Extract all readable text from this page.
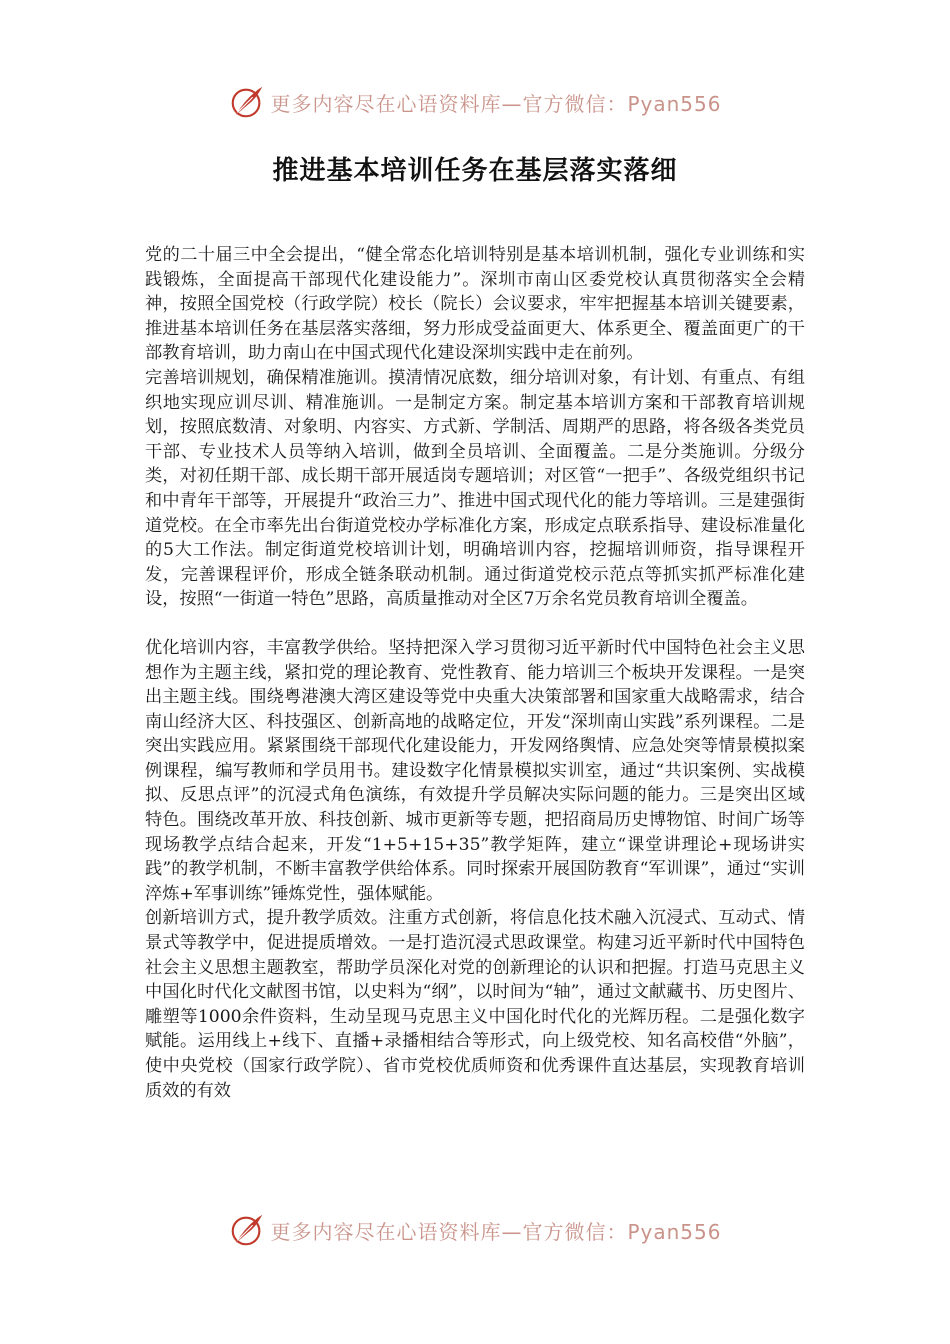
更多内容尽在心语资料库—官方微信：Pyan556
推进基本培训任务在基层落实落细

党的二十届三中全会提出，“健全常态化培训特别是基本培训机制，强化专业训练和实践锻炼，全面提高干部现代化建设能力”。深圳市南山区委党校认真贯彻落实全会精神，按照全国党校（行政学院）校长（院长）会议要求，牢牢把握基本培训关键要素，推进基本培训任务在基层落实落细，努力形成受益面更大、体系更全、覆盖面更广的干部教育培训，助力南山在中国式现代化建设深圳实践中走在前列。

完善培训规划，确保精准施训。摸清情况底数，细分培训对象，有计划、有重点、有组织地实现应训尽训、精准施训。一是制定方案。制定基本培训方案和干部教育培训规划，按照底数清、对象明、内容实、方式新、学制活、周期严的思路，将各级各类党员干部、专业技术人员等纳入培训，做到全员培训、全面覆盖。二是分类施训。分级分类，对初任期干部、成长期干部开展适岗专题培训；对区管“一把手”、各级党组织书记和中青年干部等，开展提升“政治三力”、推进中国式现代化的能力等培训。三是建强街道党校。在全市率先出台街道党校办学标准化方案，形成定点联系指导、建设标准量化的5大工作法。制定街道党校培训计划，明确培训内容，挖掘培训师资，指导课程开发，完善课程评价，形成全链条联动机制。通过街道党校示范点等抓实抓严标准化建设，按照“一街道一特色”思路，高质量推动对全区7万余名党员教育培训全覆盖。

优化培训内容，丰富教学供给。坚持把深入学习贯彻习近平新时代中国特色社会主义思想作为主题主线，紧扣党的理论教育、党性教育、能力培训三个板块开发课程。一是突出主题主线。围绕粤港澳大湾区建设等党中央重大决策部署和国家重大战略需求，结合南山经济大区、科技强区、创新高地的战略定位，开发“深圳南山实践”系列课程。二是突出实践应用。紧紧围绕干部现代化建设能力，开发网络舆情、应急处突等情景模拟案例课程，编写教师和学员用书。建设数字化情景模拟实训室，通过“共识案例、实战模拟、反思点评”的沉浸式角色演练，有效提升学员解决实际问题的能力。三是突出区域特色。围绕改革开放、科技创新、城市更新等专题，把招商局历史博物馆、时间广场等现场教学点结合起来，开发“1+5+15+35”教学矩阵，建立“课堂讲理论+现场讲实践”的教学机制，不断丰富教学供给体系。同时探索开展国防教育“军训课”，通过“实训淬炼+军事训练”锤炼党性，强体赋能。

创新培训方式，提升教学质效。注重方式创新，将信息化技术融入沉浸式、互动式、情景式等教学中，促进提质增效。一是打造沉浸式思政课堂。构建习近平新时代中国特色社会主义思想主题教室，帮助学员深化对党的创新理论的认识和把握。打造马克思主义中国化时代化文献图书馆，以史料为“纲”，以时间为“轴”，通过文献藏书、历史图片、雕塑等1000余件资料，生动呈现马克思主义中国化时代化的光辉历程。二是强化数字赋能。运用线上+线下、直播+录播相结合等形式，向上级党校、知名高校借“外脑”，使中央党校（国家行政学院）、省市党校优质师资和优秀课件直达基层，实现教育培训质效的有效

更多内容尽在心语资料库—官方微信：Pyan556
